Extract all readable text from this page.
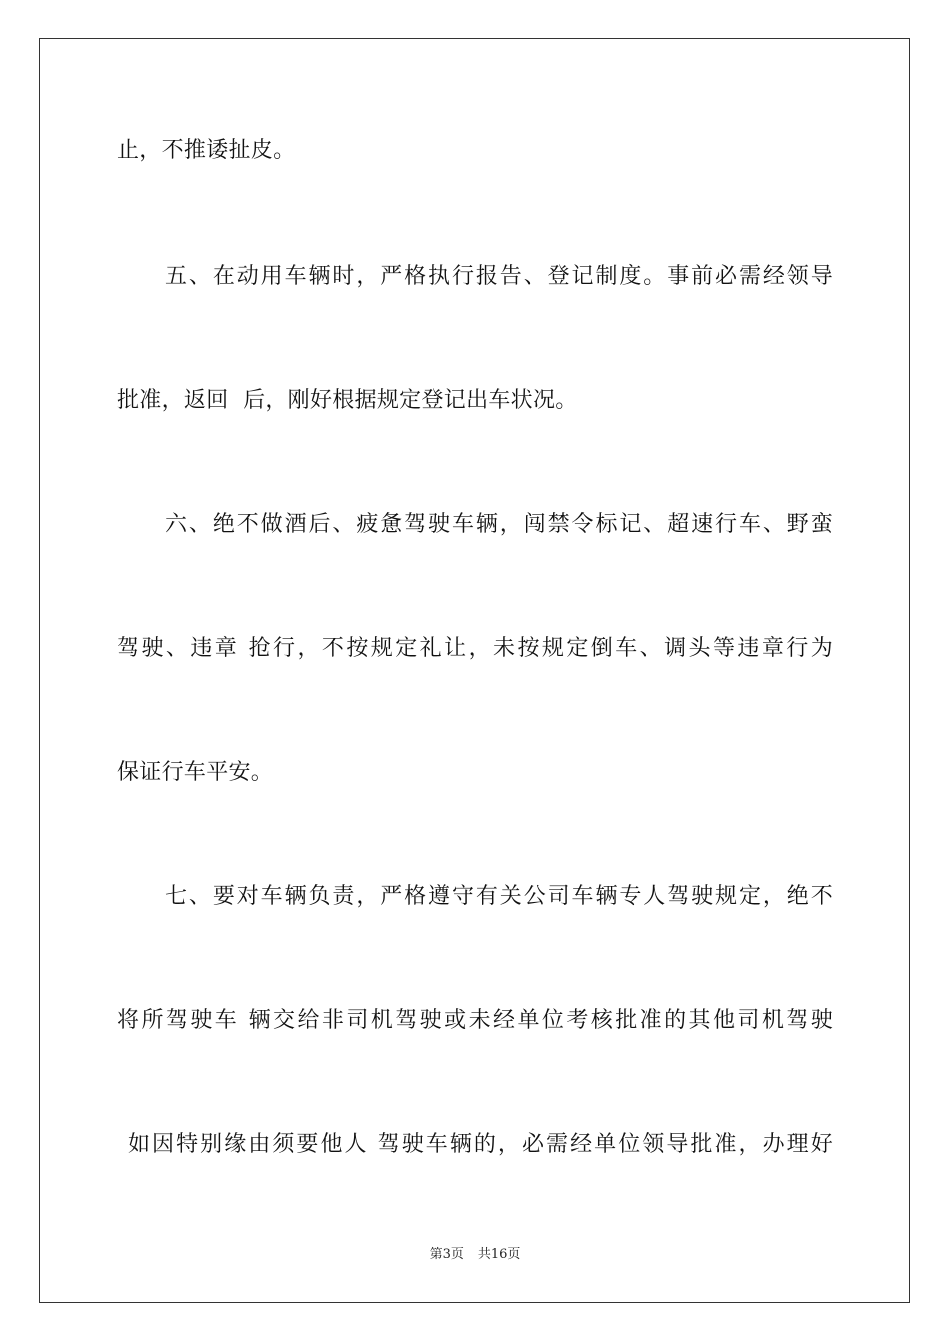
止，不推诿扯皮。
五、在动用车辆时，严格执行报告、登记制度。事前必需经领导
批准，返回  后，刚好根据规定登记出车状况。
六、绝不做酒后、疲惫驾驶车辆，闯禁令标记、超速行车、野蛮
驾驶、违章 抢行，不按规定礼让，未按规定倒车、调头等违章行为
保证行车平安。
七、要对车辆负责，严格遵守有关公司车辆专人驾驶规定，绝不
将所驾驶车 辆交给非司机驾驶或未经单位考核批准的其他司机驾驶
如因特别缘由须要他人 驾驶车辆的，必需经单位领导批准，办理好
第3页 共16页
